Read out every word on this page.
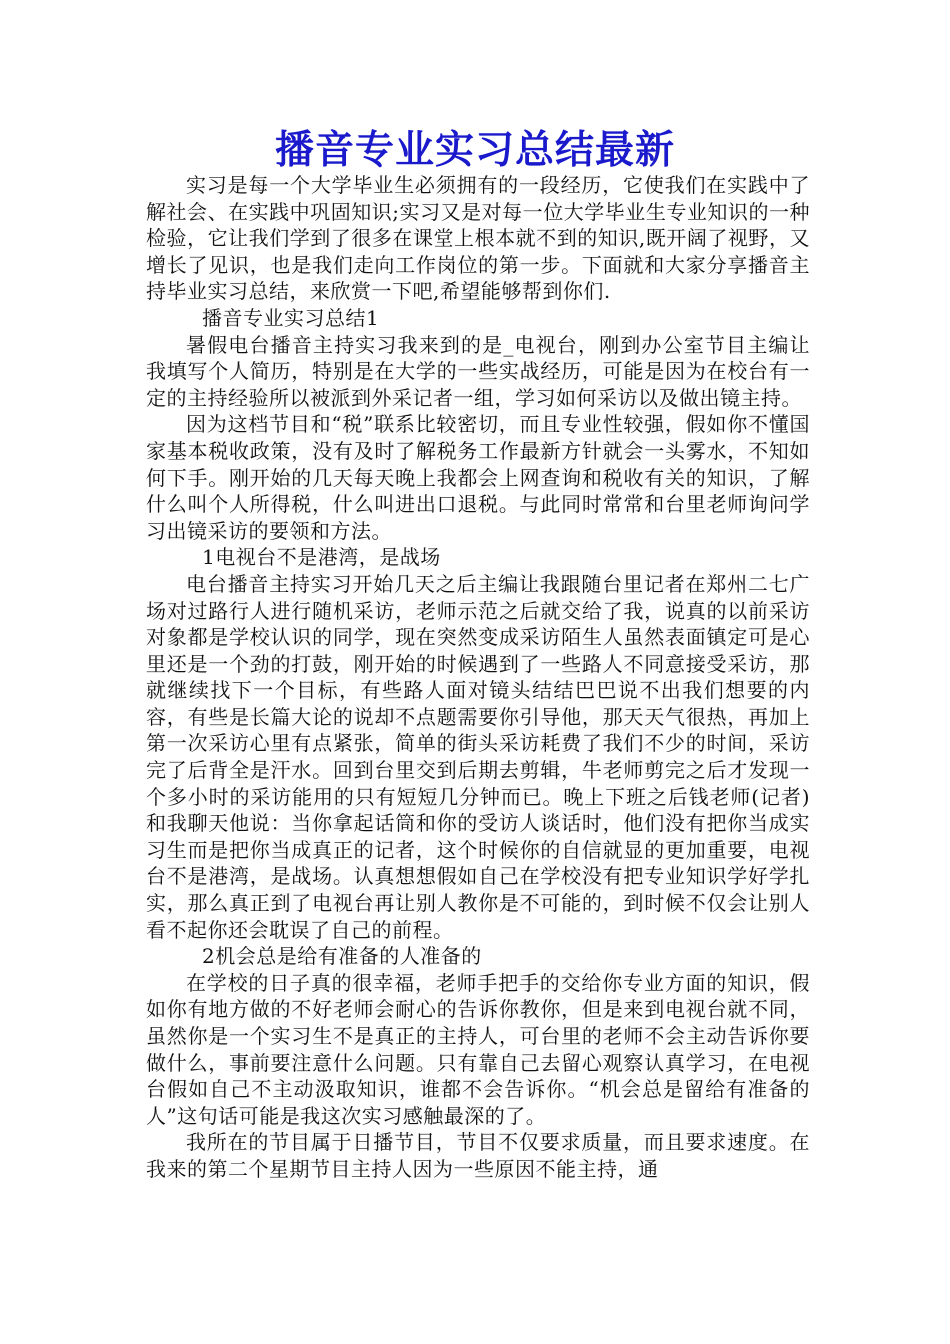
播音专业实习总结最新

实习是每一个大学毕业生必须拥有的一段经历，它使我们在实践中了解社会、在实践中巩固知识;实习又是对每一位大学毕业生专业知识的一种检验，它让我们学到了很多在课堂上根本就不到的知识,既开阔了视野，又增长了见识，也是我们走向工作岗位的第一步。下面就和大家分享播音主持毕业实习总结，来欣赏一下吧,希望能够帮到你们.

播音专业实习总结1

暑假电台播音主持实习我来到的是_电视台，刚到办公室节目主编让我填写个人简历，特别是在大学的一些实战经历，可能是因为在校台有一定的主持经验所以被派到外采记者一组，学习如何采访以及做出镜主持。

因为这档节目和“税”联系比较密切，而且专业性较强，假如你不懂国家基本税收政策，没有及时了解税务工作最新方针就会一头雾水，不知如何下手。刚开始的几天每天晚上我都会上网查询和税收有关的知识，了解什么叫个人所得税，什么叫进出口退税。与此同时常常和台里老师询问学习出镜采访的要领和方法。

1电视台不是港湾，是战场

电台播音主持实习开始几天之后主编让我跟随台里记者在郑州二七广场对过路行人进行随机采访，老师示范之后就交给了我，说真的以前采访对象都是学校认识的同学，现在突然变成采访陌生人虽然表面镇定可是心里还是一个劲的打鼓，刚开始的时候遇到了一些路人不同意接受采访，那就继续找下一个目标，有些路人面对镜头结结巴巴说不出我们想要的内容，有些是长篇大论的说却不点题需要你引导他，那天天气很热，再加上第一次采访心里有点紧张，简单的街头采访耗费了我们不少的时间，采访完了后背全是汗水。回到台里交到后期去剪辑，牛老师剪完之后才发现一个多小时的采访能用的只有短短几分钟而已。晚上下班之后钱老师(记者)和我聊天他说：当你拿起话筒和你的受访人谈话时，他们没有把你当成实习生而是把你当成真正的记者，这个时候你的自信就显的更加重要，电视台不是港湾，是战场。认真想想假如自己在学校没有把专业知识学好学扎实，那么真正到了电视台再让别人教你是不可能的，到时候不仅会让别人看不起你还会耽误了自己的前程。

2机会总是给有准备的人准备的

在学校的日子真的很幸福，老师手把手的交给你专业方面的知识，假如你有地方做的不好老师会耐心的告诉你教你，但是来到电视台就不同，虽然你是一个实习生不是真正的主持人，可台里的老师不会主动告诉你要做什么，事前要注意什么问题。只有靠自己去留心观察认真学习，在电视台假如自己不主动汲取知识，谁都不会告诉你。“机会总是留给有准备的人”这句话可能是我这次实习感触最深的了。

我所在的节目属于日播节目，节目不仅要求质量，而且要求速度。在我来的第二个星期节目主持人因为一些原因不能主持，通
